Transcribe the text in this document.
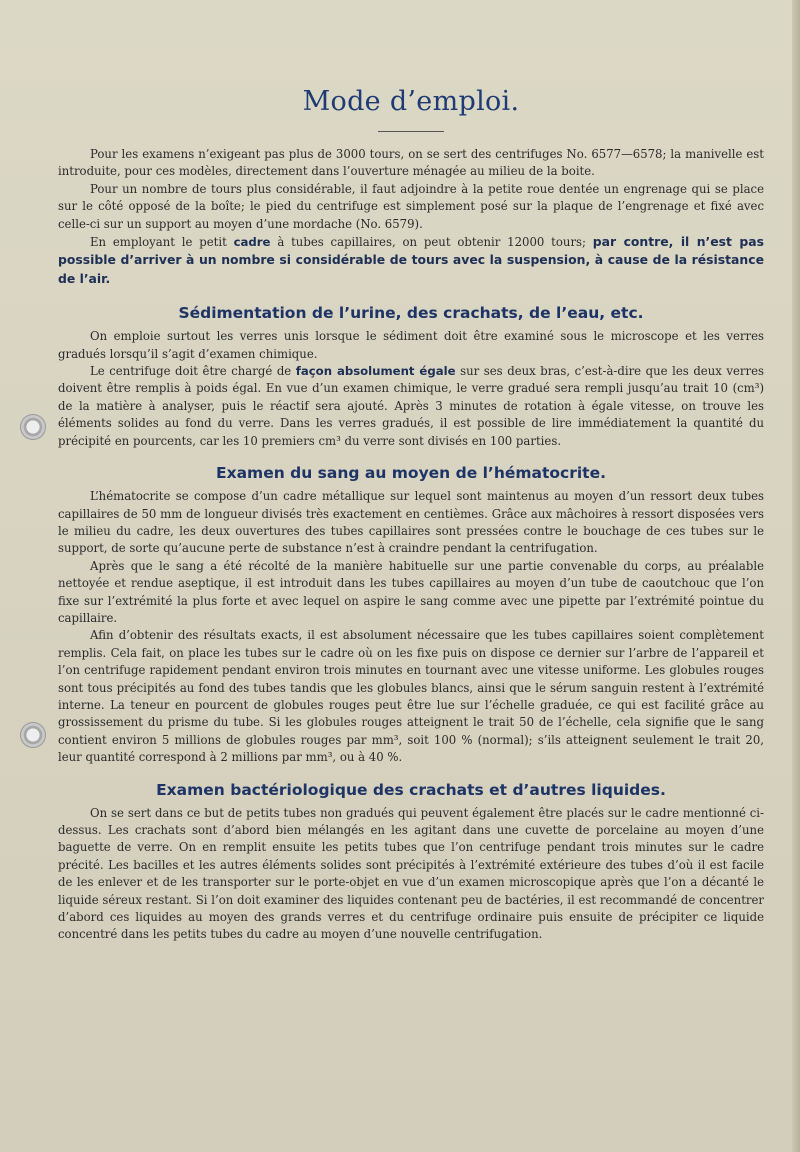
Mode d’emploi.

Pour les examens n’exigeant pas plus de 3000 tours, on se sert des centrifuges No. 6577—6578; la manivelle est introduite, pour ces modèles, directement dans l’ouverture ménagée au milieu de la boite.

Pour un nombre de tours plus considérable, il faut adjoindre à la petite roue dentée un engrenage qui se place sur le côté opposé de la boîte; le pied du centrifuge est simplement posé sur la plaque de l’engrenage et fixé avec celle-ci sur un support au moyen d’une mordache (No. 6579).

En employant le petit cadre à tubes capillaires, on peut obtenir 12000 tours; par contre, il n’est pas possible d’arriver à un nombre si considérable de tours avec la suspension, à cause de la résistance de l’air.

Sédimentation de l’urine, des crachats, de l’eau, etc.

On emploie surtout les verres unis lorsque le sédiment doit être examiné sous le microscope et les verres gradués lorsqu’il s’agit d’examen chimique.

Le centrifuge doit être chargé de façon absolument égale sur ses deux bras, c’est-à-dire que les deux verres doivent être remplis à poids égal. En vue d’un examen chimique, le verre gradué sera rempli jusqu’au trait 10 (cm³) de la matière à analyser, puis le réactif sera ajouté. Après 3 minutes de rotation à égale vitesse, on trouve les éléments solides au fond du verre. Dans les verres gradués, il est possible de lire immédiatement la quantité du précipité en pourcents, car les 10 premiers cm³ du verre sont divisés en 100 parties.

Examen du sang au moyen de l’hématocrite.

L’hématocrite se compose d’un cadre métallique sur lequel sont maintenus au moyen d’un ressort deux tubes capillaires de 50 mm de longueur divisés très exactement en centièmes. Grâce aux mâchoires à ressort disposées vers le milieu du cadre, les deux ouvertures des tubes capillaires sont pressées contre le bouchage de ces tubes sur le support, de sorte qu’aucune perte de substance n’est à craindre pendant la centrifugation.

Après que le sang a été récolté de la manière habituelle sur une partie convenable du corps, au préalable nettoyée et rendue aseptique, il est introduit dans les tubes capillaires au moyen d’un tube de caoutchouc que l’on fixe sur l’extrémité la plus forte et avec lequel on aspire le sang comme avec une pipette par l’extrémité pointue du capillaire.

Afin d’obtenir des résultats exacts, il est absolument nécessaire que les tubes capillaires soient complètement remplis. Cela fait, on place les tubes sur le cadre où on les fixe puis on dispose ce dernier sur l’arbre de l’appareil et l’on centrifuge rapidement pendant environ trois minutes en tournant avec une vitesse uniforme. Les globules rouges sont tous précipités au fond des tubes tandis que les globules blancs, ainsi que le sérum sanguin restent à l’extrémité interne. La teneur en pourcent de globules rouges peut être lue sur l’échelle graduée, ce qui est facilité grâce au grossissement du prisme du tube. Si les globules rouges atteignent le trait 50 de l’échelle, cela signifie que le sang contient environ 5 millions de globules rouges par mm³, soit 100 % (normal); s’ils atteignent seulement le trait 20, leur quantité correspond à 2 millions par mm³, ou à 40 %.

Examen bactériologique des crachats et d’autres liquides.

On se sert dans ce but de petits tubes non gradués qui peuvent également être placés sur le cadre mentionné ci-dessus. Les crachats sont d’abord bien mélangés en les agitant dans une cuvette de porcelaine au moyen d’une baguette de verre. On en remplit ensuite les petits tubes que l’on centrifuge pendant trois minutes sur le cadre précité. Les bacilles et les autres éléments solides sont précipités à l’extrémité extérieure des tubes d’où il est facile de les enlever et de les transporter sur le porte-objet en vue d’un examen microscopique après que l’on a décanté le liquide séreux restant. Si l’on doit examiner des liquides contenant peu de bactéries, il est recommandé de concentrer d’abord ces liquides au moyen des grands verres et du centrifuge ordinaire puis ensuite de précipiter ce liquide concentré dans les petits tubes du cadre au moyen d’une nouvelle centrifugation.
